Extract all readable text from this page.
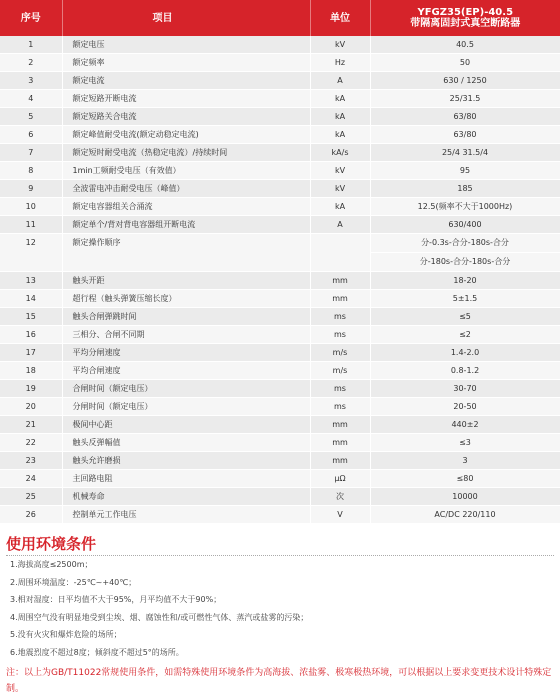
序号	项目	单位	YFGZ35(EP)-40.5
带隔离固封式真空断路器
1	额定电压	kV	40.5
2	额定频率	Hz	50
3	额定电流	A	630 / 1250
4	额定短路开断电流	kA	25/31.5
5	额定短路关合电流	kA	63/80
6	额定峰值耐受电流(额定动稳定电流)	kA	63/80
7	额定短时耐受电流（热稳定电流）/持续时间	kA/s	25/4 31.5/4
8	1min工频耐受电压（有效值）	kV	95
9	全波雷电冲击耐受电压（峰值）	kV	185
10	额定电容器组关合涌流	kA	12.5(频率不大于1000Hz)
11	额定单个/背对背电容器组开断电流	A	630/400
12	额定操作顺序		分-0.3s-合分-180s-合分
分-180s-合分-180s-合分

13	触头开距	mm	18-20
14	超行程（触头弹簧压缩长度）	mm	5±1.5
15	触头合闸弹跳时间	ms	≤5
16	三相分、合闸不同期	ms	≤2
17	平均分闸速度	m/s	1.4-2.0
18	平均合闸速度	m/s	0.8-1.2
19	合闸时间（额定电压）	ms	30-70
20	分闸时间（额定电压）	ms	20-50
21	极间中心距	mm	440±2
22	触头反弹幅值	mm	≤3
23	触头允许磨损	mm	3
24	主回路电阻	μΩ	≤80
25	机械寿命	次	10000
26	控制单元工作电压	V	AC/DC 220/110
使用环境条件
1.海拔高度≤2500m；
2.周围环境温度：-25℃~+40℃；
3.相对湿度：日平均值不大于95%，月平均值不大于90%；
4.周围空气没有明显地受到尘埃、烟、腐蚀性和/或可燃性气体、蒸汽或盐雾的污染；
5.没有火灾和爆炸危险的场所；
6.地震烈度不超过8度；倾斜度不超过5°的场所。

注：以上为GB/T11022常规使用条件，如需特殊使用环境条件为高海拔、浓盐雾、极寒极热环境，可以根据以上要求变更技术设计特殊定制。
